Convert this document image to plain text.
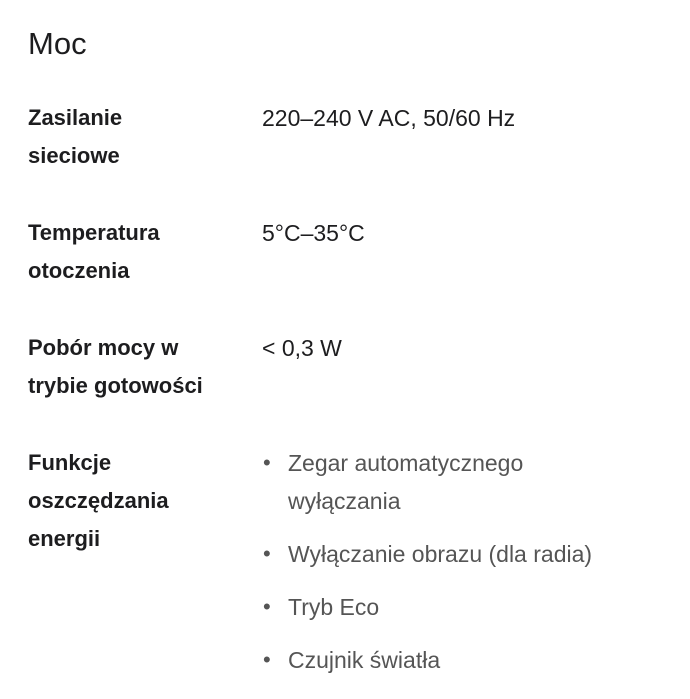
Moc
Zasilanie
sieciowe
220–240 V AC, 50/60 Hz
Temperatura
otoczenia
5°C–35°C
Pobór mocy w
trybie gotowości
< 0,3 W
Funkcje
oszczędzania
energii
• Zegar automatycznego
wyłączania
• Wyłączanie obrazu (dla radia)
• Tryb Eco
• Czujnik światła
